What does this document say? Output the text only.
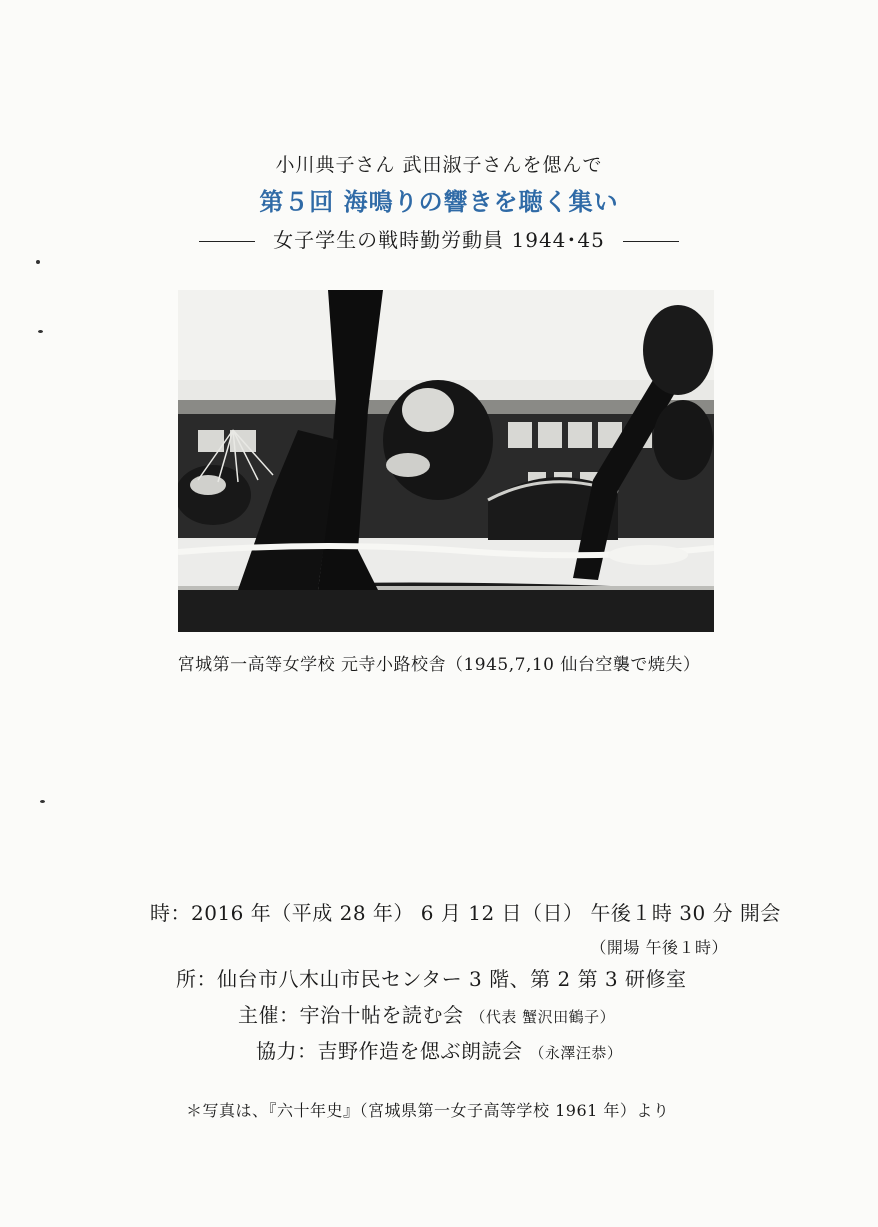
小川典子さん 武田淑子さんを偲んで
第５回 海鳴りの響きを聴く集い
女子学生の戦時勤労動員 1944･45
宮城第一高等女学校 元寺小路校舎（1945,7,10 仙台空襲で焼失）
時：2016 年（平成 28 年） 6 月 12 日（日） 午後１時 30 分 開会
（開場 午後１時）
所：仙台市八木山市民センター 3 階、第 2 第 3 研修室
主催：宇治十帖を読む会 （代表 蟹沢田鶴子）
協力：吉野作造を偲ぶ朗読会 （永澤汪恭）
＊写真は、『六十年史』（宮城県第一女子高等学校 1961 年）より
